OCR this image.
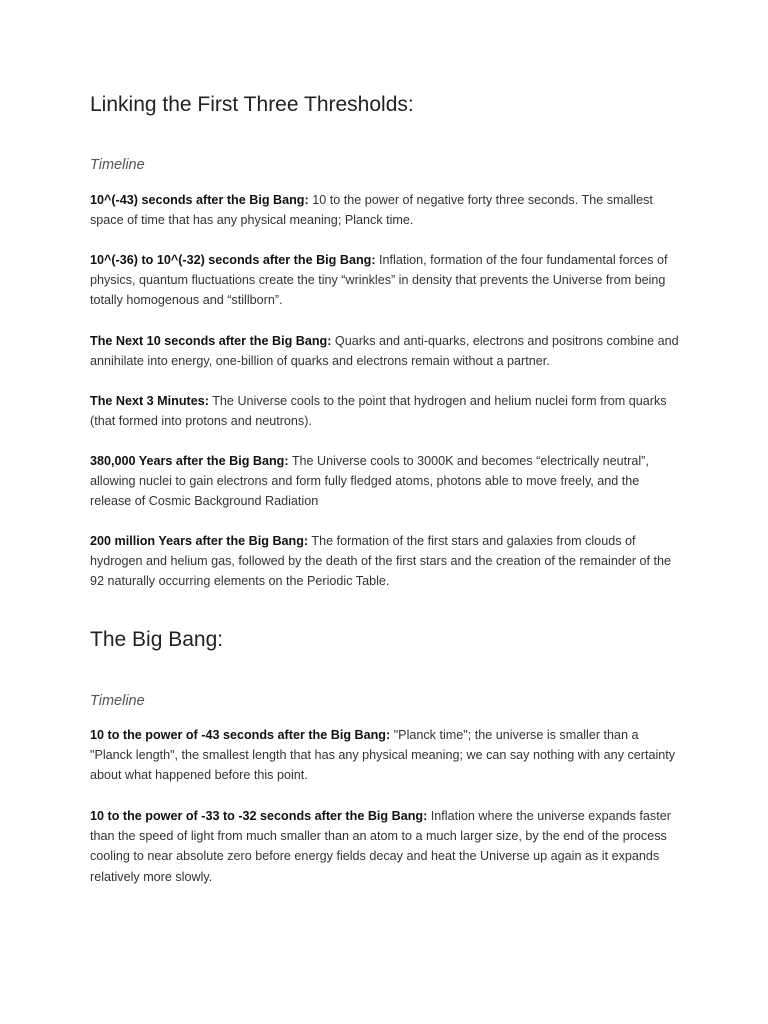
Linking the First Three Thresholds:

Timeline

10^(-43) seconds after the Big Bang: 10 to the power of negative forty three seconds. The smallest space of time that has any physical meaning; Planck time.

10^(-36) to 10^(-32) seconds after the Big Bang: Inflation, formation of the four fundamental forces of physics, quantum fluctuations create the tiny “wrinkles” in density that prevents the Universe from being totally homogenous and “stillborn”.

The Next 10 seconds after the Big Bang: Quarks and anti-quarks, electrons and positrons combine and annihilate into energy, one-billion of quarks and electrons remain without a partner.

The Next 3 Minutes: The Universe cools to the point that hydrogen and helium nuclei form from quarks (that formed into protons and neutrons).

380,000 Years after the Big Bang: The Universe cools to 3000K and becomes “electrically neutral”, allowing nuclei to gain electrons and form fully fledged atoms, photons able to move freely, and the release of Cosmic Background Radiation

200 million Years after the Big Bang: The formation of the first stars and galaxies from clouds of hydrogen and helium gas, followed by the death of the first stars and the creation of the remainder of the 92 naturally occurring elements on the Periodic Table.

The Big Bang:

Timeline

10 to the power of -43 seconds after the Big Bang: "Planck time"; the universe is smaller than a "Planck length", the smallest length that has any physical meaning; we can say nothing with any certainty about what happened before this point.

10 to the power of -33 to -32 seconds after the Big Bang: Inflation where the universe expands faster than the speed of light from much smaller than an atom to a much larger size, by the end of the process cooling to near absolute zero before energy fields decay and heat the Universe up again as it expands relatively more slowly.
